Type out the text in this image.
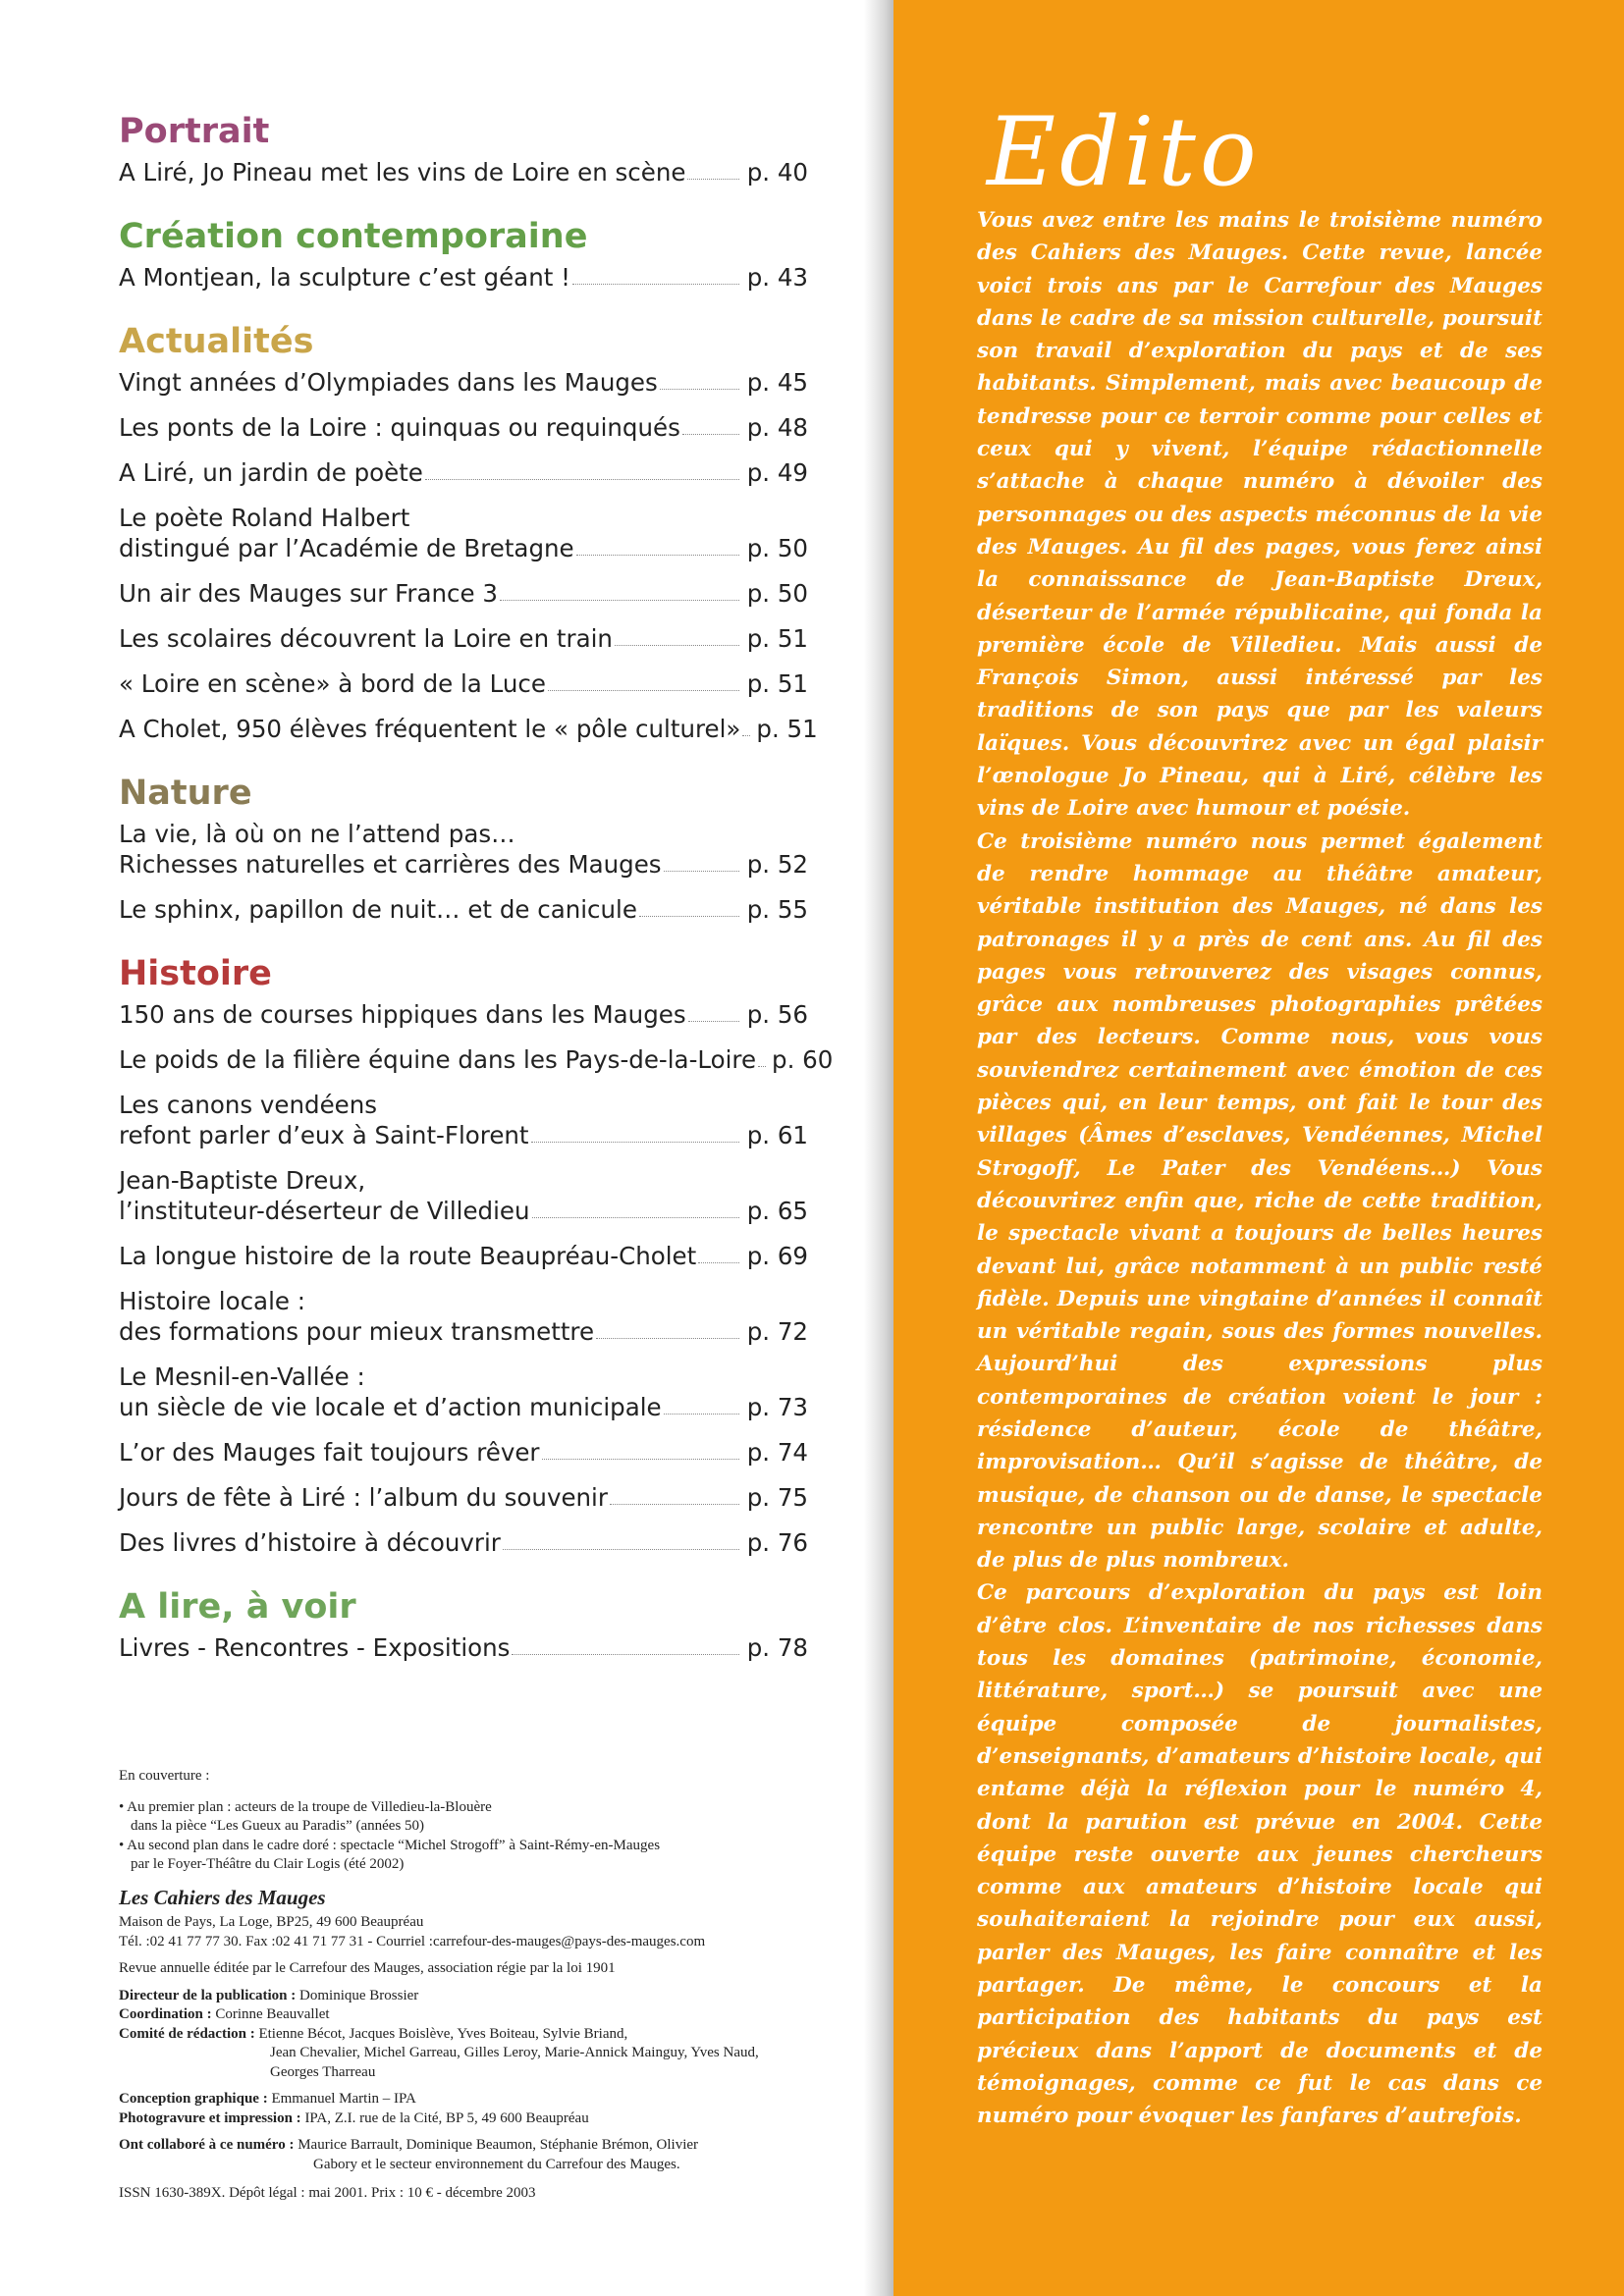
Portrait
A Liré, Jo Pineau met les vins de Loire en scène	p. 40
Création contemporaine
A Montjean, la sculpture c’est géant !	p. 43
Actualités
Vingt années d’Olympiades dans les Mauges	p. 45
Les ponts de la Loire : quinquas ou requinqués	p. 48
A Liré, un jardin de poète	p. 49
Le poète Roland Halbert
distingué par l’Académie de Bretagne	p. 50
Un air des Mauges sur France 3	p. 50
Les scolaires découvrent la Loire en train	p. 51
« Loire en scène» à bord de la Luce	p. 51
A Cholet, 950 élèves fréquentent le « pôle culturel» p. 51
Nature
La vie, là où on ne l’attend pas…
Richesses naturelles et carrières des Mauges	p. 52
Le sphinx, papillon de nuit… et de canicule	p. 55
Histoire
150 ans de courses hippiques dans les Mauges	p. 56
Le poids de la filière équine dans les Pays-de-la-Loire p. 60
Les canons vendéens
refont parler d’eux à Saint-Florent	p. 61
Jean-Baptiste Dreux,
l’instituteur-déserteur de Villedieu	p. 65
La longue histoire de la route Beaupréau-Cholet p. 69
Histoire locale :
des formations pour mieux transmettre	p. 72
Le Mesnil-en-Vallée :
un siècle de vie locale et d’action municipale	p. 73
L’or des Mauges fait toujours rêver	p. 74
Jours de fête à Liré : l’album du souvenir	p. 75
Des livres d’histoire à découvrir	p. 76
A lire, à voir
Livres - Rencontres - Expositions	p. 78

En couverture :

• Au premier plan : acteurs de la troupe de Villedieu-la-Blouère

dans la pièce “Les Gueux au Paradis” (années 50)

• Au second plan dans le cadre doré : spectacle “Michel Strogoff” à Saint-Rémy-en-Mauges

par le Foyer-Théâtre du Clair Logis (été 2002)

Les Cahiers des Mauges

Maison de Pays, La Loge, BP25, 49 600 Beaupréau

Tél. :02 41 77 77 30. Fax :02 41 71 77 31 - Courriel :carrefour-des-mauges@pays-des-mauges.com

Revue annuelle éditée par le Carrefour des Mauges, association régie par la loi 1901

Directeur de la publication : Dominique Brossier

Coordination : Corinne Beauvallet

Comité de rédaction : Etienne Bécot, Jacques Boislève, Yves Boiteau, Sylvie Briand,

Jean Chevalier, Michel Garreau, Gilles Leroy, Marie-Annick Mainguy, Yves Naud,

Georges Tharreau

Conception graphique : Emmanuel Martin – IPA

Photogravure et impression : IPA, Z.I. rue de la Cité, BP 5, 49 600 Beaupréau

Ont collaboré à ce numéro : Maurice Barrault, Dominique Beaumon, Stéphanie Brémon, Olivier

Gabory et le secteur environnement du Carrefour des Mauges.

ISSN 1630-389X. Dépôt légal : mai 2001. Prix : 10 € - décembre 2003

Edito

Vous avez entre les mains le troisième numéro des Cahiers des Mauges. Cette revue, lancée voici trois ans par le Carrefour des Mauges dans le cadre de sa mission culturelle, poursuit son travail d’exploration du pays et de ses habitants. Simplement, mais avec beaucoup de tendresse pour ce terroir comme pour celles et ceux qui y vivent, l’équipe rédactionnelle s’attache à chaque numéro à dévoiler des personnages ou des aspects méconnus de la vie des Mauges. Au fil des pages, vous ferez ainsi la connaissance de Jean-Baptiste Dreux, déserteur de l’armée républicaine, qui fonda la première école de Villedieu. Mais aussi de François Simon, aussi intéressé par les traditions de son pays que par les valeurs laïques. Vous découvrirez avec un égal plaisir l’œnologue Jo Pineau, qui à Liré, célèbre les vins de Loire avec humour et poésie.

Ce troisième numéro nous permet également de rendre hommage au théâtre amateur, véritable institution des Mauges, né dans les patronages il y a près de cent ans. Au fil des pages vous retrouverez des visages connus, grâce aux nombreuses photographies prêtées par des lecteurs. Comme nous, vous vous souviendrez certainement avec émotion de ces pièces qui, en leur temps, ont fait le tour des villages (Âmes d’esclaves, Vendéennes, Michel Strogoff, Le Pater des Vendéens…) Vous découvrirez enfin que, riche de cette tradition, le spectacle vivant a toujours de belles heures devant lui, grâce notamment à un public resté fidèle. Depuis une vingtaine d’années il connaît un véritable regain, sous des formes nouvelles. Aujourd’hui des expressions plus contemporaines de création voient le jour : résidence d’auteur, école de théâtre, improvisation… Qu’il s’agisse de théâtre, de musique, de chanson ou de danse, le spectacle rencontre un public large, scolaire et adulte, de plus de plus nombreux.

Ce parcours d’exploration du pays est loin d’être clos. L’inventaire de nos richesses dans tous les domaines (patrimoine, économie, littérature, sport…) se poursuit avec une équipe composée de journalistes, d’enseignants, d’amateurs d’histoire locale, qui entame déjà la réflexion pour le numéro 4, dont la parution est prévue en 2004. Cette équipe reste ouverte aux jeunes chercheurs comme aux amateurs d’histoire locale qui souhaiteraient la rejoindre pour eux aussi, parler des Mauges, les faire connaître et les partager. De même, le concours et la participation des habitants du pays est précieux dans l’apport de documents et de témoignages, comme ce fut le cas dans ce numéro pour évoquer les fanfares d’autrefois.
